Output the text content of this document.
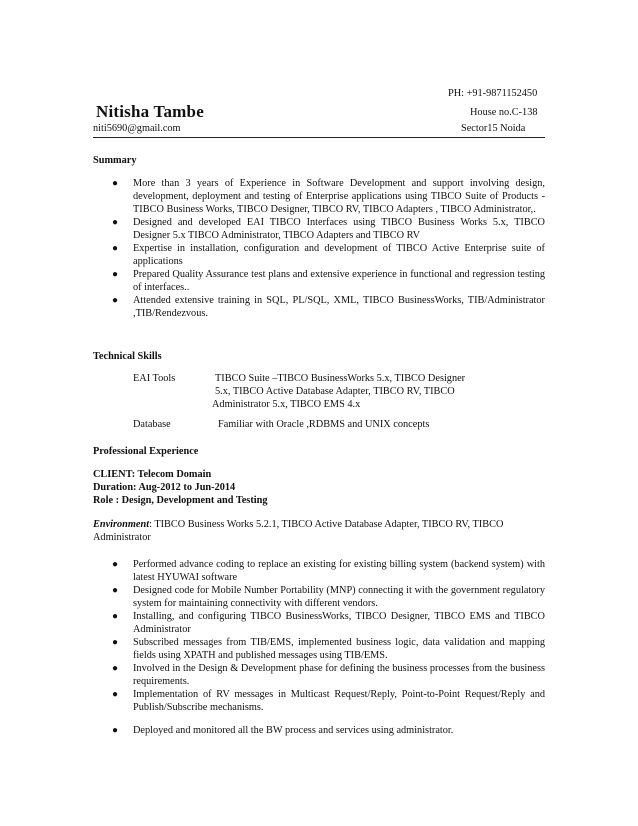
PH: +91-9871152450
Nitisha Tambe	House no.C-138
niti5690@gmail.com	Sector15 Noida
Summary
● More than 3 years of Experience in Software Development and support involving design, development, deployment and testing of Enterprise applications using TIBCO Suite of Products - TIBCO Business Works, TIBCO Designer, TIBCO RV, TIBCO Adapters , TIBCO Administrator,.
● Designed and developed EAI TIBCO Interfaces using TIBCO Business Works 5.x, TIBCO Designer 5.x TIBCO Administrator, TIBCO Adapters and TIBCO RV
● Expertise in installation, configuration and development of TIBCO Active Enterprise suite of applications
● Prepared Quality Assurance test plans and extensive experience in functional and regression testing of interfaces..
● Attended extensive training in SQL, PL/SQL, XML, TIBCO BusinessWorks, TIB/Administrator ,TIB/Rendezvous.
Technical Skills
EAI Tools	TIBCO Suite –TIBCO BusinessWorks 5.x, TIBCO Designer
5.x, TIBCO Active Database Adapter, TIBCO RV, TIBCO
Administrator 5.x, TIBCO EMS 4.x
Database	Familiar with Oracle ,RDBMS and UNIX concepts
Professional Experience
CLIENT: Telecom Domain
Duration: Aug-2012 to Jun-2014
Role : Design, Development and Testing
Environment: TIBCO Business Works 5.2.1, TIBCO Active Database Adapter, TIBCO RV, TIBCO
Administrator
● Performed advance coding to replace an existing for existing billing system (backend system) with latest HYUWAI software
● Designed code for Mobile Number Portability (MNP) connecting it with the government regulatory system for maintaining connectivity with different vendors.
● Installing, and configuring TIBCO BusinessWorks, TIBCO Designer, TIBCO EMS and TIBCO Administrator
● Subscribed messages from TIB/EMS, implemented business logic, data validation and mapping fields using XPATH and published messages using TIB/EMS.
● Involved in the Design & Development phase for defining the business processes from the business requirements.
● Implementation of RV messages in Multicast Request/Reply, Point-to-Point Request/Reply and Publish/Subscribe mechanisms.
● Deployed and monitored all the BW process and services using administrator.
